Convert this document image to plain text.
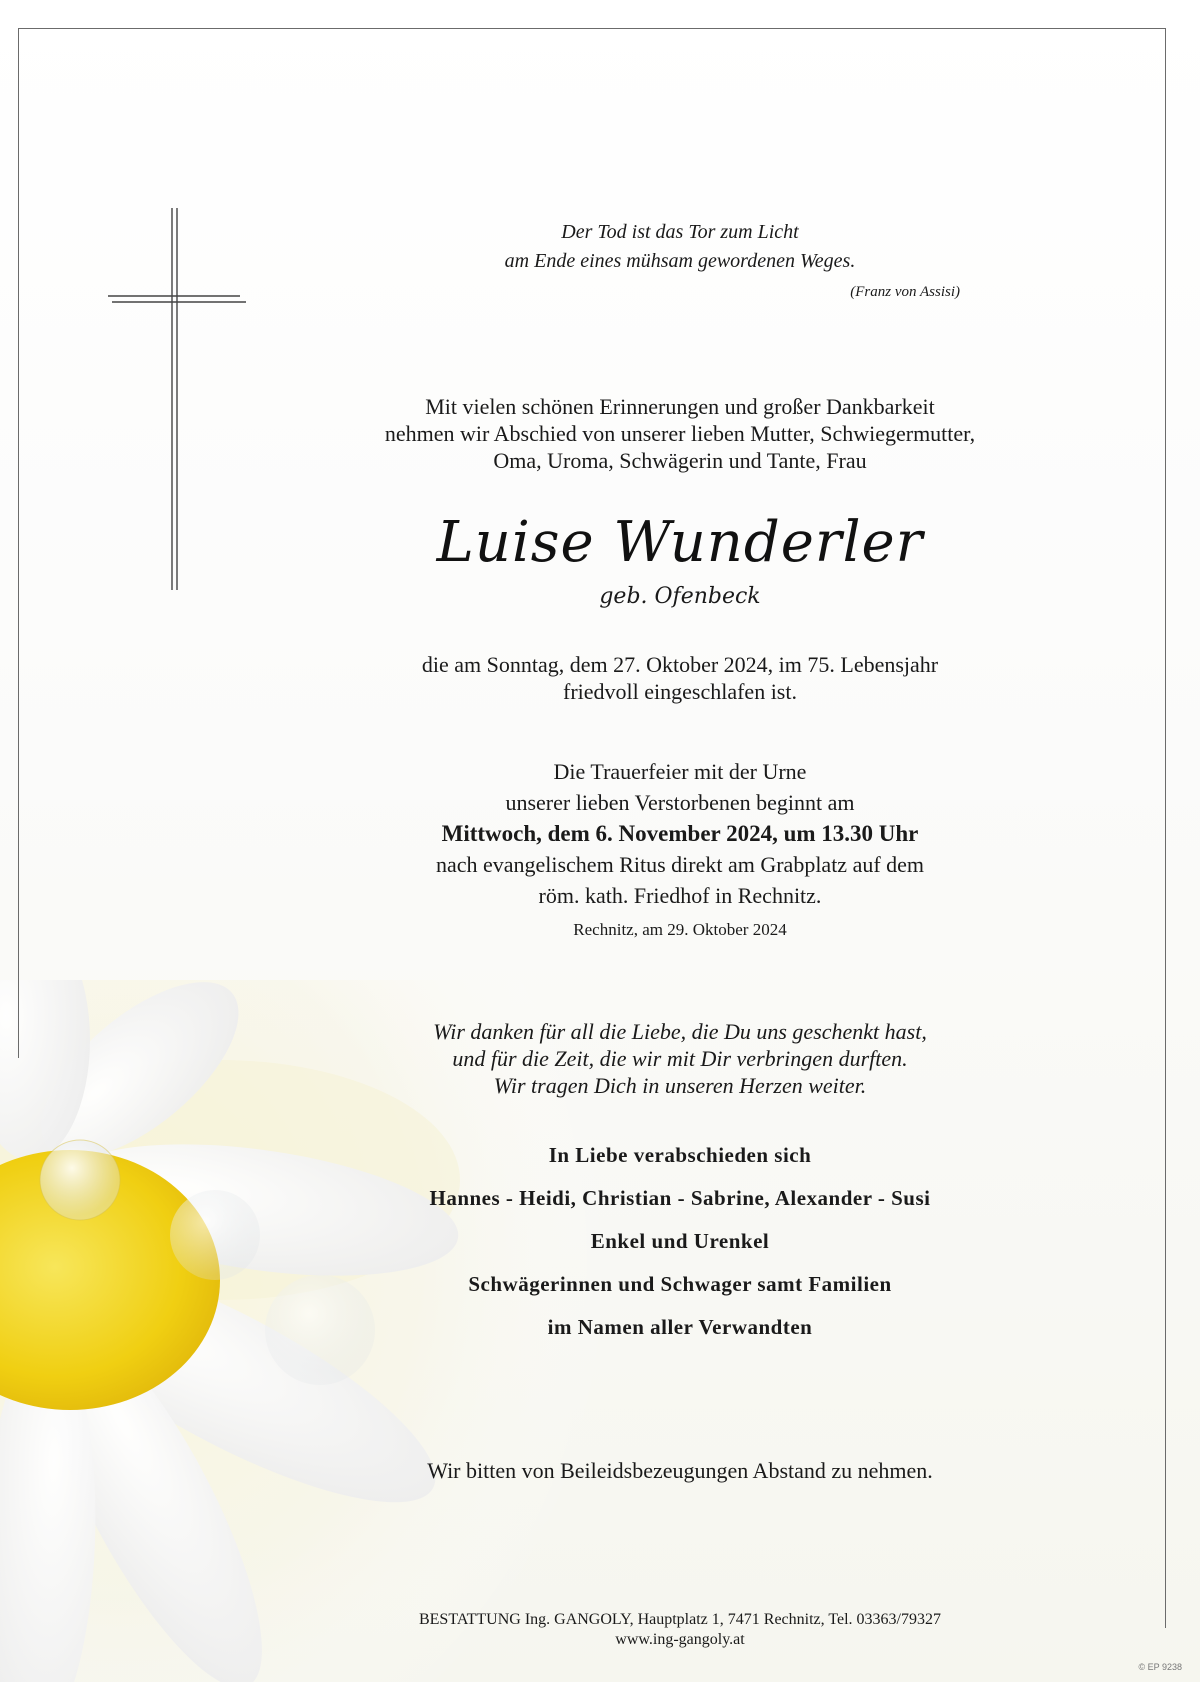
Der Tod ist das Tor zum Licht
am Ende eines mühsam gewordenen Weges.
(Franz von Assisi)
Mit vielen schönen Erinnerungen und großer Dankbarkeit
nehmen wir Abschied von unserer lieben Mutter, Schwiegermutter,
Oma, Uroma, Schwägerin und Tante, Frau
Luise Wunderler
geb. Ofenbeck
die am Sonntag, dem 27. Oktober 2024, im 75. Lebensjahr
friedvoll eingeschlafen ist.
Die Trauerfeier mit der Urne
unserer lieben Verstorbenen beginnt am
Mittwoch, dem 6. November 2024, um 13.30 Uhr
nach evangelischem Ritus direkt am Grabplatz auf dem
röm. kath. Friedhof in Rechnitz.
Rechnitz, am 29. Oktober 2024
Wir danken für all die Liebe, die Du uns geschenkt hast,
und für die Zeit, die wir mit Dir verbringen durften.
Wir tragen Dich in unseren Herzen weiter.
In Liebe verabschieden sich
Hannes - Heidi, Christian - Sabrine, Alexander - Susi
Enkel und Urenkel
Schwägerinnen und Schwager samt Familien
im Namen aller Verwandten
Wir bitten von Beileidsbezeugungen Abstand zu nehmen.
BESTATTUNG Ing. GANGOLY, Hauptplatz 1, 7471 Rechnitz, Tel. 03363/79327
www.ing-gangoly.at
© EP 9238
